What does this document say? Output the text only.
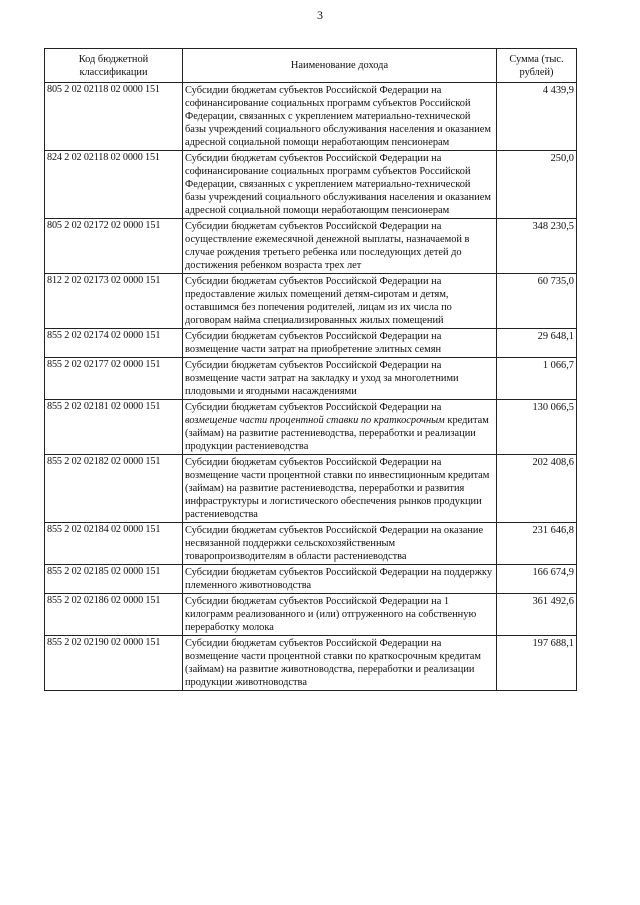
3
Код бюджетной классификации	Наименование дохода	Сумма (тыс. рублей)
805 2 02 02118 02 0000 151	Субсидии бюджетам субъектов Российской Федерации на софинансирование социальных программ субъектов Российской Федерации, связанных с укреплением материально-технической базы учреждений социального обслуживания населения и оказанием адресной социальной помощи неработающим пенсионерам	4 439,9
824 2 02 02118 02 0000 151	Субсидии бюджетам субъектов Российской Федерации на софинансирование социальных программ субъектов Российской Федерации, связанных с укреплением материально-технической базы учреждений социального обслуживания населения и оказанием адресной социальной помощи неработающим пенсионерам	250,0
805 2 02 02172 02 0000 151	Субсидии бюджетам субъектов Российской Федерации на осуществление ежемесячной денежной выплаты, назначаемой в случае рождения третьего ребенка или последующих детей до достижения ребенком возраста трех лет	348 230,5
812 2 02 02173 02 0000 151	Субсидии бюджетам субъектов Российской Федерации на предоставление жилых помещений детям-сиротам и детям, оставшимся без попечения родителей, лицам из их числа по договорам найма специализированных жилых помещений	60 735,0
855 2 02 02174 02 0000 151	Субсидии бюджетам субъектов Российской Федерации на возмещение части затрат на приобретение элитных семян	29 648,1
855 2 02 02177 02 0000 151	Субсидии бюджетам субъектов Российской Федерации на возмещение части затрат на закладку и уход за многолетними плодовыми и ягодными насаждениями	1 066,7
855 2 02 02181 02 0000 151	Субсидии бюджетам субъектов Российской Федерации на возмещение части процентной ставки по краткосрочным кредитам (займам) на развитие растениеводства, переработки и реализации продукции растениеводства	130 066,5
855 2 02 02182 02 0000 151	Субсидии бюджетам субъектов Российской Федерации на возмещение части процентной ставки по инвестиционным кредитам (займам) на развитие растениеводства, переработки и развития инфраструктуры и логистического обеспечения рынков продукции растениеводства	202 408,6
855 2 02 02184 02 0000 151	Субсидии бюджетам субъектов Российской Федерации на оказание несвязанной поддержки сельскохозяйственным товаропроизводителям в области растениеводства	231 646,8
855 2 02 02185 02 0000 151	Субсидии бюджетам субъектов Российской Федерации на поддержку племенного животноводства	166 674,9
855 2 02 02186 02 0000 151	Субсидии бюджетам субъектов Российской Федерации на 1 килограмм реализованного и (или) отгруженного на собственную переработку молока	361 492,6
855 2 02 02190 02 0000 151	Субсидии бюджетам субъектов Российской Федерации на возмещение части процентной ставки по краткосрочным кредитам (займам) на развитие животноводства, переработки и реализации продукции животноводства	197 688,1
